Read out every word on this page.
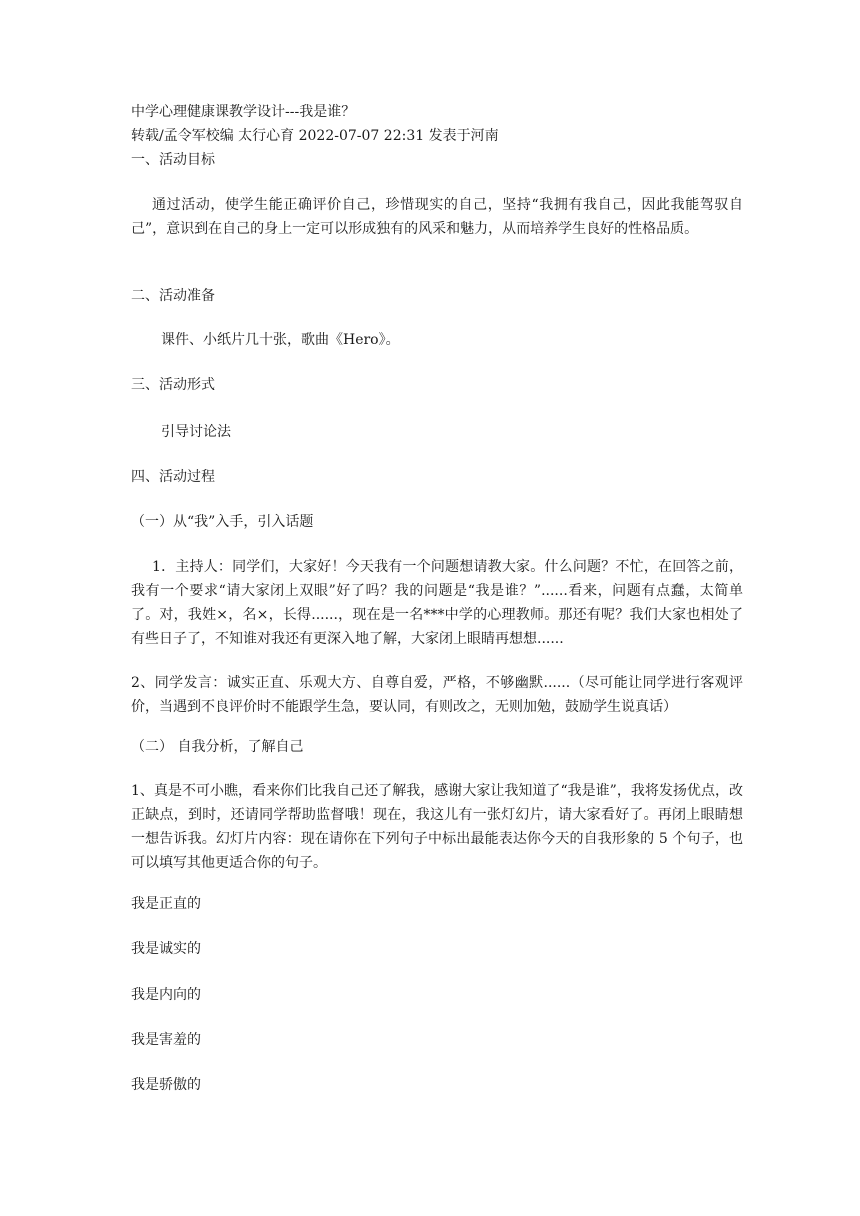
中学心理健康课教学设计---我是谁？
转载/孟令军校编 太行心育 2022-07-07 22:31 发表于河南
一、活动目标
通过活动，使学生能正确评价自己，珍惜现实的自己，坚持“我拥有我自己，因此我能驾驭自己”，意识到在自己的身上一定可以形成独有的风采和魅力，从而培养学生良好的性格品质。
二、活动准备
课件、小纸片几十张，歌曲《Hero》。
三、活动形式
引导讨论法
四、活动过程
（一）从“我”入手，引入话题
1．主持人：同学们，大家好！今天我有一个问题想请教大家。什么问题？不忙，在回答之前，我有一个要求“请大家闭上双眼”好了吗？我的问题是“我是谁？”......看来，问题有点蠢，太简单了。对，我姓×，名×，长得......，现在是一名***中学的心理教师。那还有呢？我们大家也相处了有些日子了，不知谁对我还有更深入地了解，大家闭上眼睛再想想......
2、同学发言：诚实正直、乐观大方、自尊自爱，严格，不够幽默......（尽可能让同学进行客观评价，当遇到不良评价时不能跟学生急，要认同，有则改之，无则加勉，鼓励学生说真话）
（二） 自我分析，了解自己
1、真是不可小瞧，看来你们比我自己还了解我，感谢大家让我知道了“我是谁”，我将发扬优点，改正缺点，到时，还请同学帮助监督哦！现在，我这儿有一张灯幻片，请大家看好了。再闭上眼睛想一想告诉我。幻灯片内容：现在请你在下列句子中标出最能表达你今天的自我形象的 5 个句子，也可以填写其他更适合你的句子。
我是正直的
我是诚实的
我是内向的
我是害羞的
我是骄傲的
